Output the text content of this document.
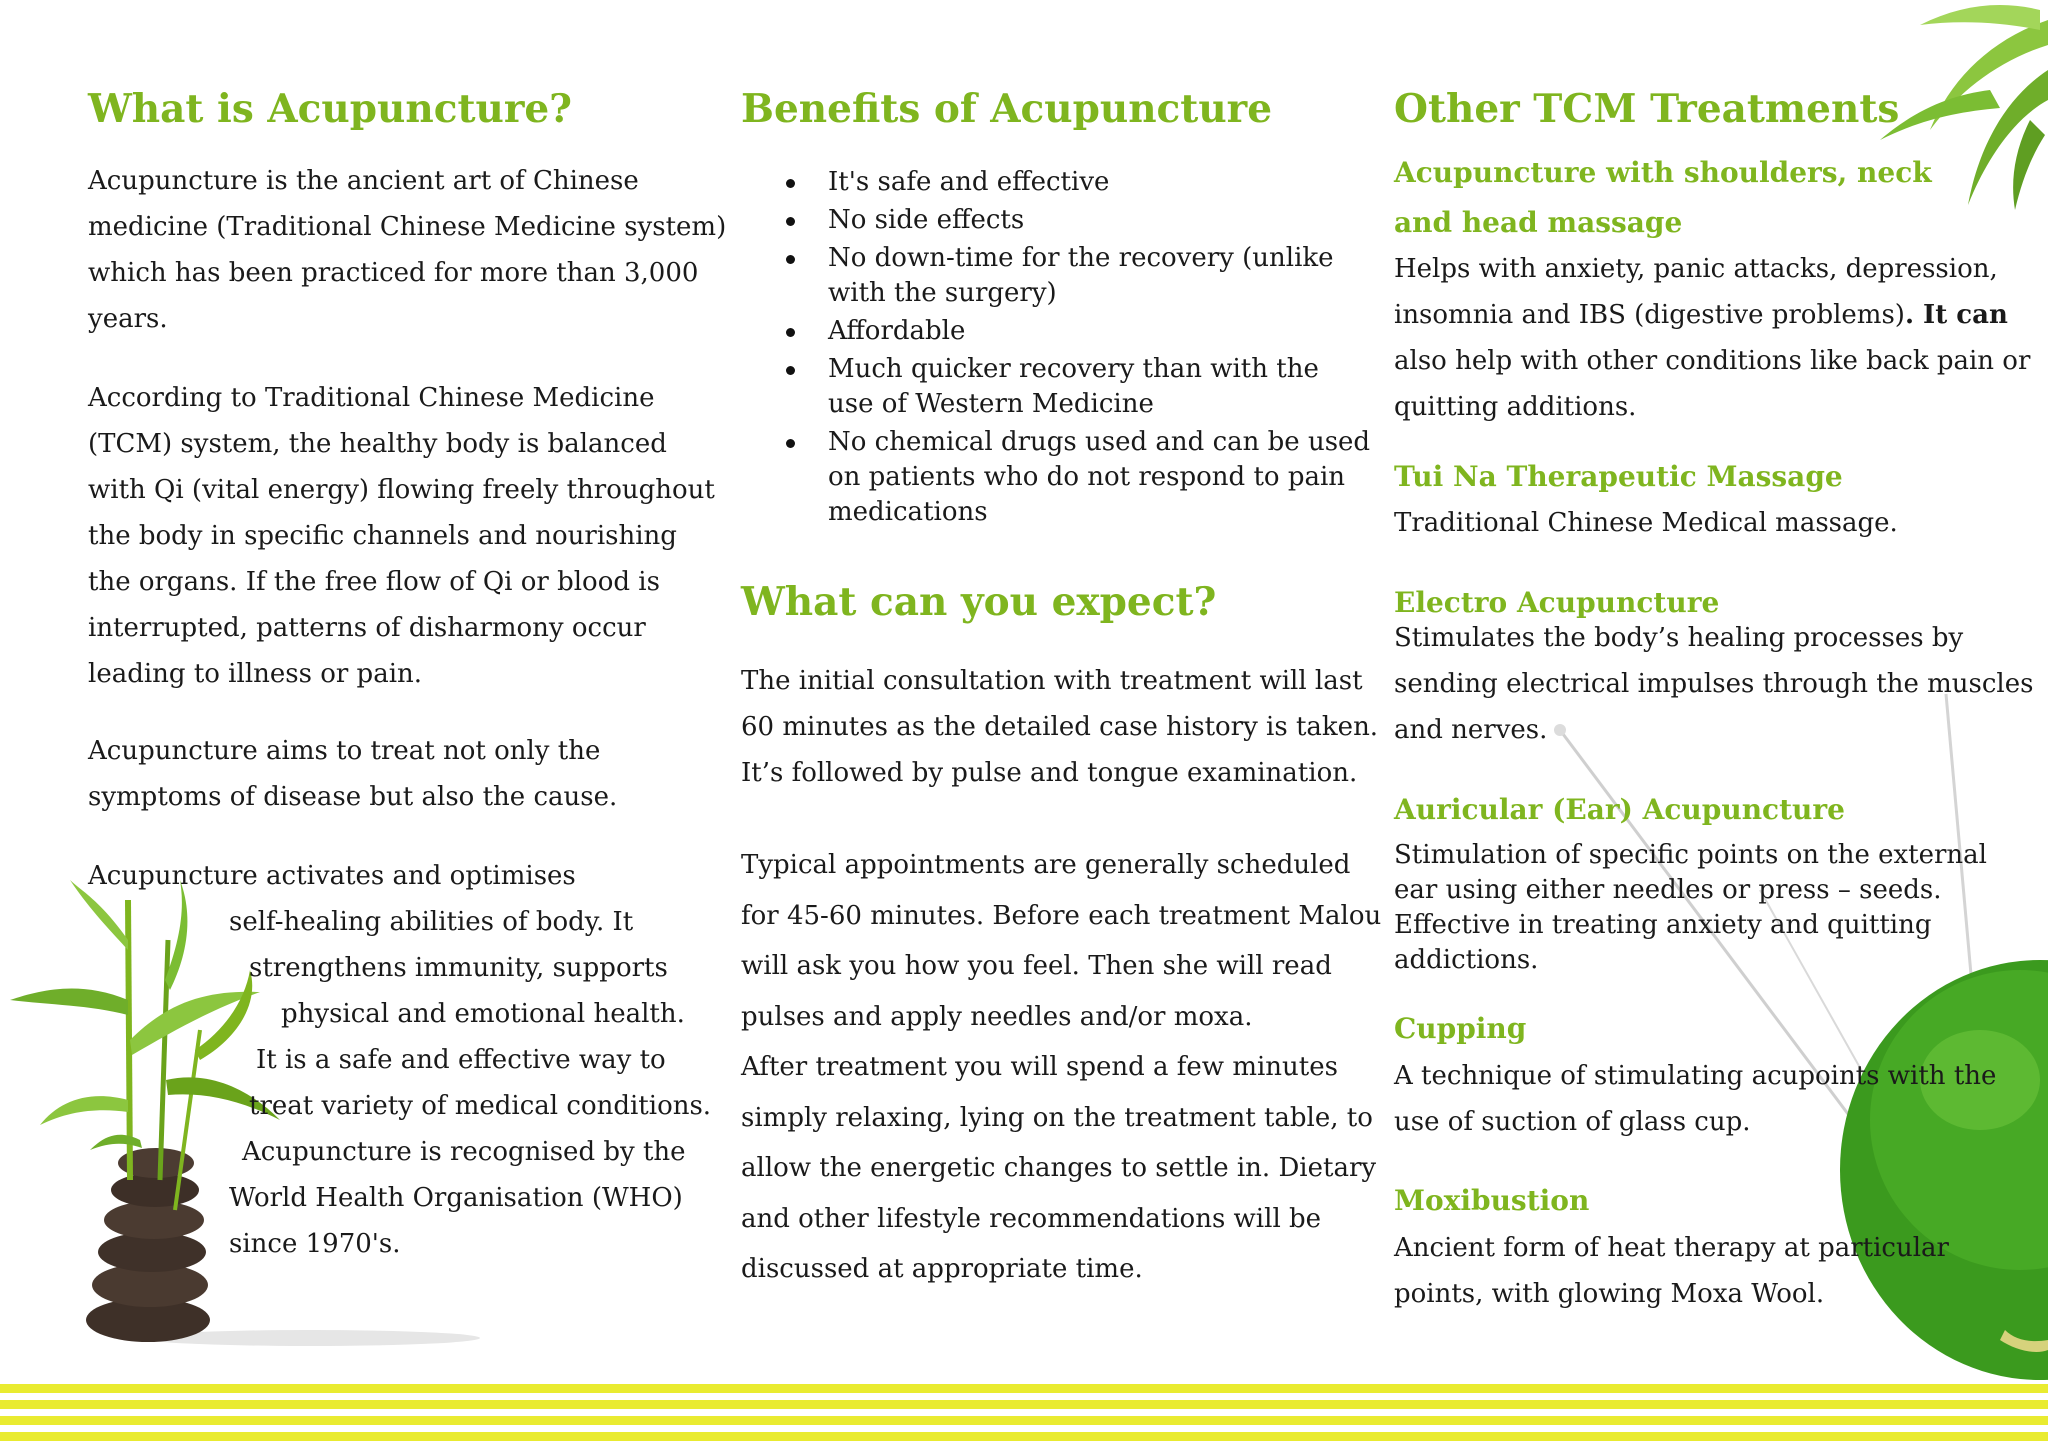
What is Acupuncture?
Acupuncture is the ancient art of Chinese
medicine (Traditional Chinese Medicine system)
which has been practiced for more than 3,000
years.
According to Traditional Chinese Medicine
(TCM) system, the healthy body is balanced
with Qi (vital energy) flowing freely throughout
the body in specific channels and nourishing
the organs. If the free flow of Qi or blood is
interrupted, patterns of disharmony occur
leading to illness or pain.
Acupuncture aims to treat not only the
symptoms of disease but also the cause.
Acupuncture activates and optimises
self-healing abilities of body. It
strengthens immunity, supports
physical and emotional health.
It is a safe and effective way to
treat variety of medical conditions.
Acupuncture is recognised by the
World Health Organisation (WHO)
since 1970's.
Benefits of Acupuncture
It's safe and effective
No side effects
No down-time for the recovery (unlike
with the surgery)
Affordable
Much quicker recovery than with the
use of Western Medicine
No chemical drugs used and can be used
on patients who do not respond to pain
medications
What can you expect?
The initial consultation with treatment will last
60 minutes as the detailed case history is taken.
It’s followed by pulse and tongue examination.
Typical appointments are generally scheduled
for 45-60 minutes. Before each treatment Malou
will ask you how you feel. Then she will read
pulses and apply needles and/or moxa.
After treatment you will spend a few minutes
simply relaxing, lying on the treatment table, to
allow the energetic changes to settle in. Dietary
and other lifestyle recommendations will be
discussed at appropriate time.
Other TCM Treatments
Acupuncture with shoulders, neck
and head massage
Helps with anxiety, panic attacks, depression,
insomnia and IBS (digestive problems). It can
also help with other conditions like back pain or
quitting additions.
Tui Na Therapeutic Massage
Traditional Chinese Medical massage.
Electro Acupuncture
Stimulates the body’s healing processes by
sending electrical impulses through the muscles
and nerves.
Auricular (Ear) Acupuncture
Stimulation of specific points on the external
ear using either needles or press – seeds.
Effective in treating anxiety and quitting
addictions.
Cupping
A technique of stimulating acupoints with the
use of suction of glass cup.
Moxibustion
Ancient form of heat therapy at particular
points, with glowing Moxa Wool.
